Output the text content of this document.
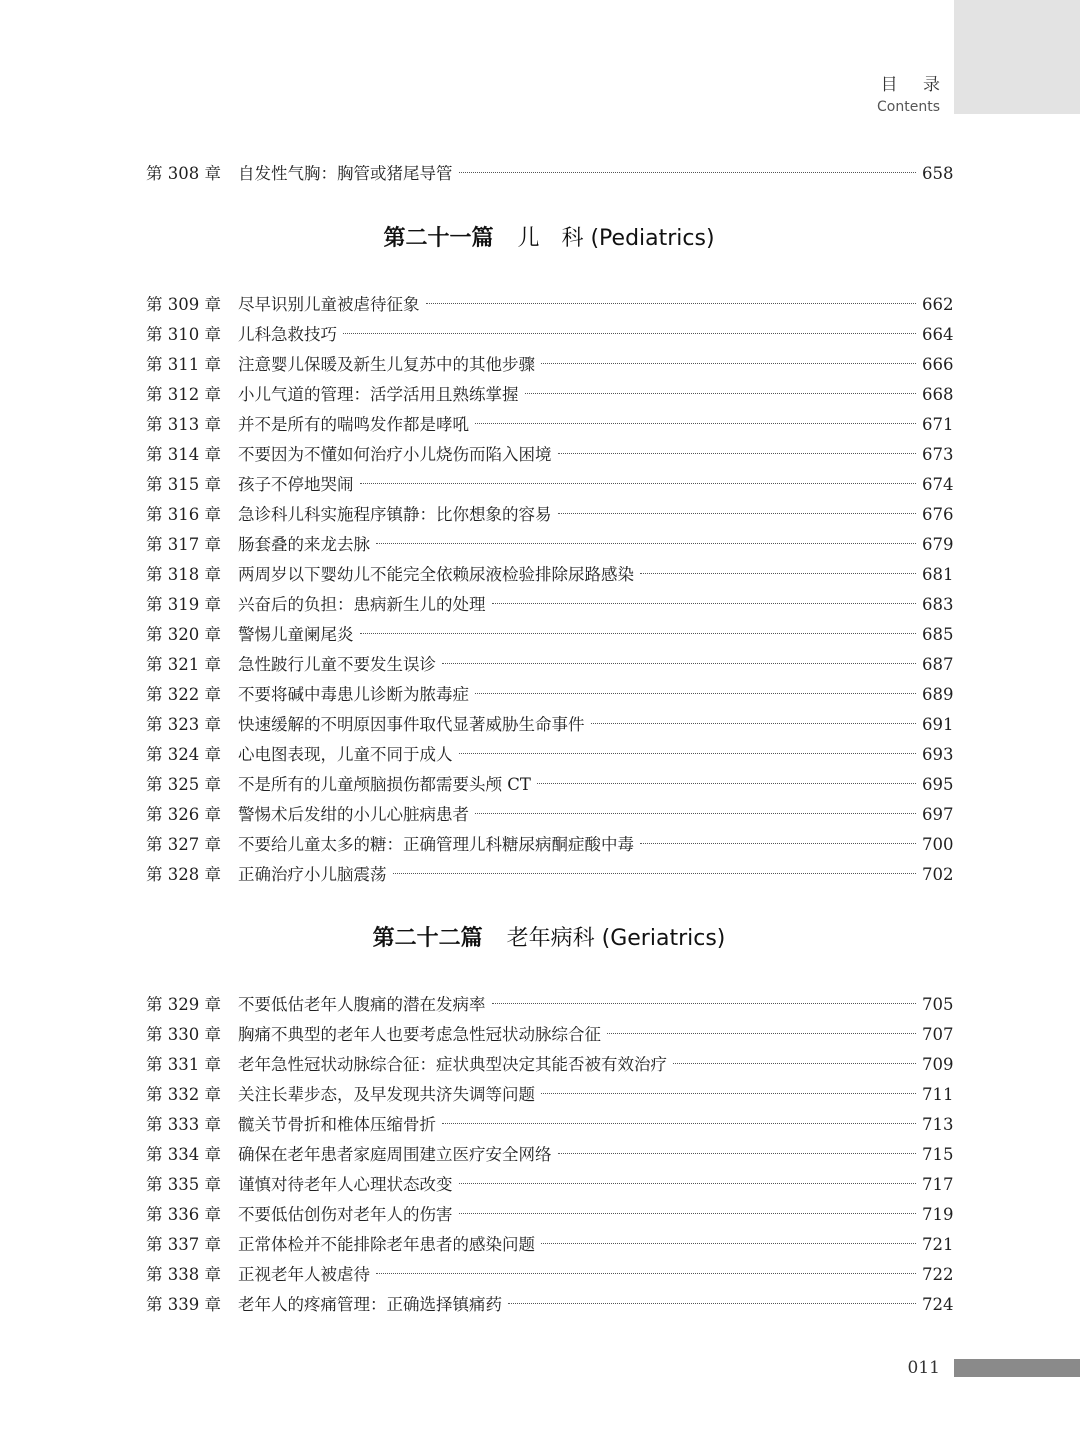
目 录
Contents
第 308 章	自发性气胸：胸管或猪尾导管	658
第二十一篇 儿　科 (Pediatrics)
第 309 章	尽早识别儿童被虐待征象	662
第 310 章	儿科急救技巧	664
第 311 章	注意婴儿保暖及新生儿复苏中的其他步骤	666
第 312 章	小儿气道的管理：活学活用且熟练掌握	668
第 313 章	并不是所有的喘鸣发作都是哮吼	671
第 314 章	不要因为不懂如何治疗小儿烧伤而陷入困境	673
第 315 章	孩子不停地哭闹	674
第 316 章	急诊科儿科实施程序镇静：比你想象的容易	676
第 317 章	肠套叠的来龙去脉	679
第 318 章	两周岁以下婴幼儿不能完全依赖尿液检验排除尿路感染	681
第 319 章	兴奋后的负担：患病新生儿的处理	683
第 320 章	警惕儿童阑尾炎	685
第 321 章	急性跛行儿童不要发生误诊	687
第 322 章	不要将碱中毒患儿诊断为脓毒症	689
第 323 章	快速缓解的不明原因事件取代显著威胁生命事件	691
第 324 章	心电图表现，儿童不同于成人	693
第 325 章	不是所有的儿童颅脑损伤都需要头颅 CT	695
第 326 章	警惕术后发绀的小儿心脏病患者	697
第 327 章	不要给儿童太多的糖：正确管理儿科糖尿病酮症酸中毒	700
第 328 章	正确治疗小儿脑震荡	702
第二十二篇 老年病科 (Geriatrics)
第 329 章	不要低估老年人腹痛的潜在发病率	705
第 330 章	胸痛不典型的老年人也要考虑急性冠状动脉综合征	707
第 331 章	老年急性冠状动脉综合征：症状典型决定其能否被有效治疗	709
第 332 章	关注长辈步态，及早发现共济失调等问题	711
第 333 章	髋关节骨折和椎体压缩骨折	713
第 334 章	确保在老年患者家庭周围建立医疗安全网络	715
第 335 章	谨慎对待老年人心理状态改变	717
第 336 章	不要低估创伤对老年人的伤害	719
第 337 章	正常体检并不能排除老年患者的感染问题	721
第 338 章	正视老年人被虐待	722
第 339 章	老年人的疼痛管理：正确选择镇痛药	724
011
